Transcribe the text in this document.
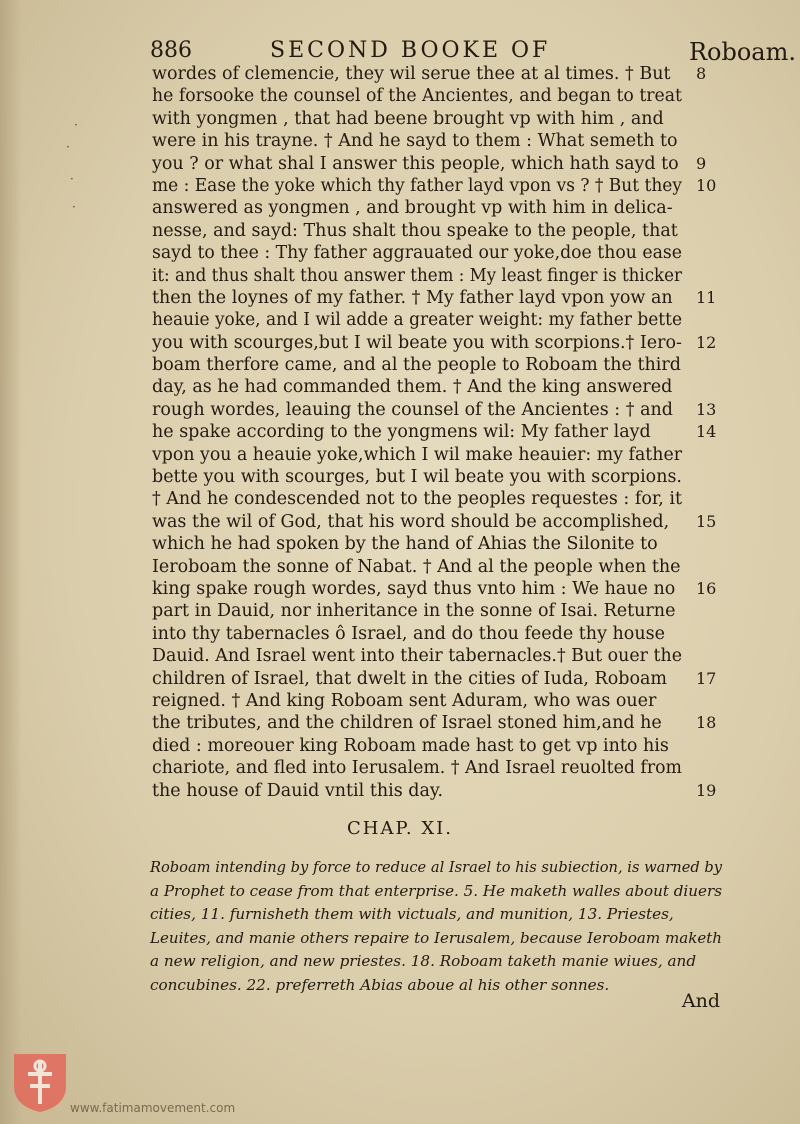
886	SECOND BOOKE OF	Roboam.
wordes of clemencie, they wil serue thee at al times. † But 8
he forsooke the counsel of the Ancientes, and began to treat
with yongmen , that had beene brought vp with him , and
were in his trayne. † And he sayd to them : What semeth to
you ? or what shal I answer this people, which hath sayd to 9
me : Ease the yoke which thy father layd vpon vs ? † But they 10
answered as yongmen , and brought vp with him in delica-
nesse, and sayd: Thus shalt thou speake to the people, that
sayd to thee : Thy father aggrauated our yoke,doe thou ease
it: and thus shalt thou answer them : My least finger is thicker
then the loynes of my father. † My father layd vpon yow an 11
heauie yoke, and I wil adde a greater weight: my father bette
you with scourges,but I wil beate you with scorpions.† Iero- 12
boam therfore came, and al the people to Roboam the third
day, as he had commanded them. † And the king answered
rough wordes, leauing the counsel of the Ancientes : † and 13
he spake according to the yongmens wil: My father layd	14
vpon you a heauie yoke,which I wil make heauier: my father
bette you with scourges, but I wil beate you with scorpions.
† And he condescended not to the peoples requestes : for, it
was the wil of God, that his word should be accomplished, 15
which he had spoken by the hand of Ahias the Silonite to
Ieroboam the sonne of Nabat. † And al the people when the
king spake rough wordes, sayd thus vnto him : We haue no 16
part in Dauid, nor inheritance in the sonne of Isai. Returne
into thy tabernacles ô Israel, and do thou feede thy house
Dauid. And Israel went into their tabernacles.† But ouer the
children of Israel, that dwelt in the cities of Iuda, Roboam 17
reigned. † And king Roboam sent Aduram, who was ouer
the tributes, and the children of Israel stoned him,and he 18
died : moreouer king Roboam made hast to get vp into his
chariote, and fled into Ierusalem. † And Israel reuolted from
the house of Dauid vntil this day.	19
CHAP. XI.
Roboam intending by force to reduce al Israel to his subiection, is warned by
a Prophet to cease from that enterprise. 5. He maketh walles about diuers
cities, 11. furnisheth them with victuals, and munition, 13. Priestes,
Leuites, and manie others repaire to Ierusalem, because Ieroboam maketh
a new religion, and new priestes. 18. Roboam taketh manie wiues, and
concubines. 22. preferreth Abias aboue al his other sonnes.
And
·
·
·
·
www.fatimamovement.com
